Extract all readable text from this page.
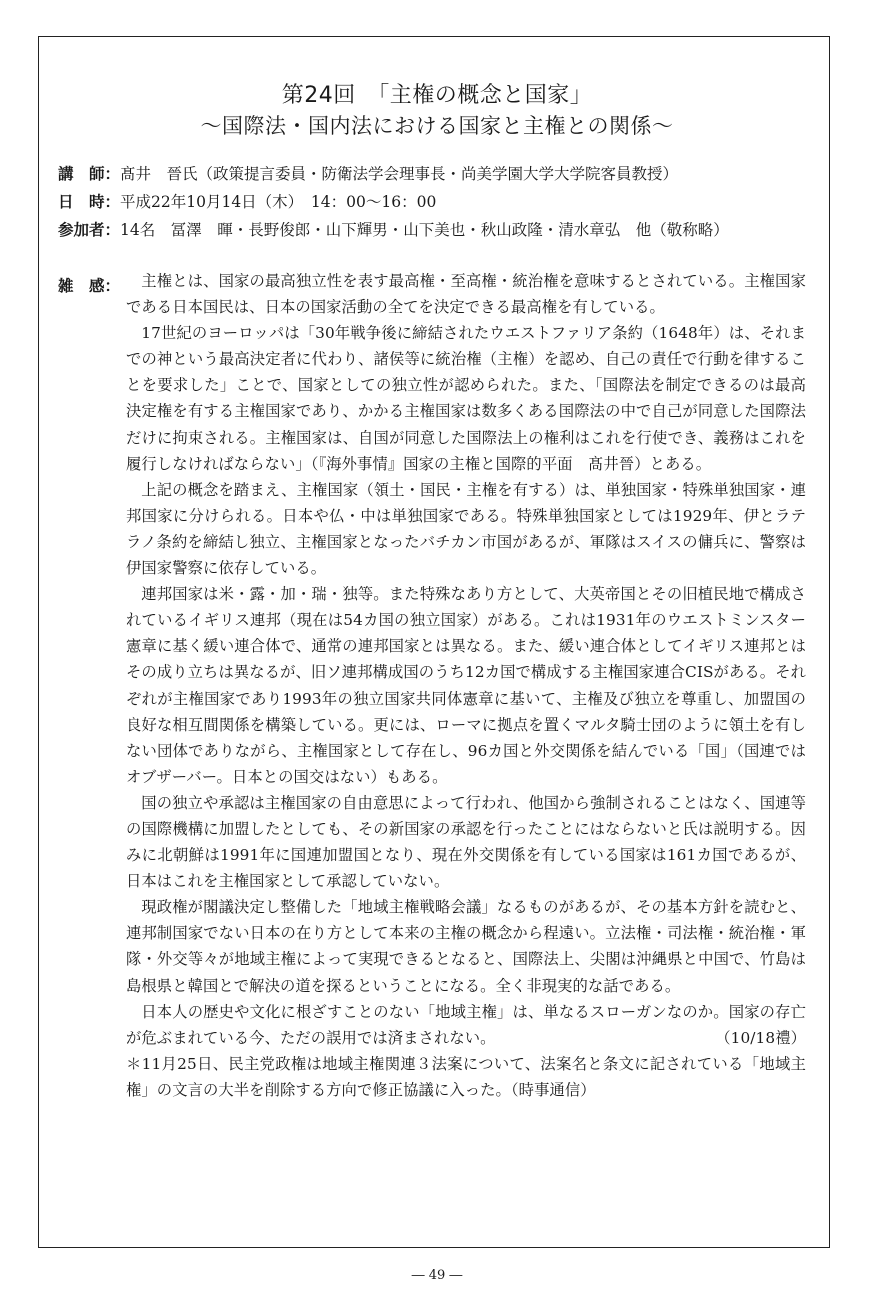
第24回　「主権の概念と国家」
～国際法・国内法における国家と主権との関係～
講　師：髙井　晉氏（政策提言委員・防衛法学会理事長・尚美学園大学大学院客員教授）
日　時：平成22年10月14日（木）　14：00～16：00
参加者：14名　冨澤　暉・長野俊郎・山下輝男・山下美也・秋山政隆・清水章弘　他（敬称略）
雑　感：	主権とは、国家の最高独立性を表す最高権・至高権・統治権を意味するとされている。主権国家である日本国民は、日本の国家活動の全てを決定できる最高権を有している。

17世紀のヨーロッパは「30年戦争後に締結されたウエストファリア条約（1648年）は、それまでの神という最高決定者に代わり、諸侯等に統治権（主権）を認め、自己の責任で行動を律することを要求した」ことで、国家としての独立性が認められた。また、「国際法を制定できるのは最高決定権を有する主権国家であり、かかる主権国家は数多くある国際法の中で自己が同意した国際法だけに拘束される。主権国家は、自国が同意した国際法上の権利はこれを行使でき、義務はこれを履行しなければならない」（『海外事情』国家の主権と国際的平面　髙井晉）とある。

上記の概念を踏まえ、主権国家（領土・国民・主権を有する）は、単独国家・特殊単独国家・連邦国家に分けられる。日本や仏・中は単独国家である。特殊単独国家としては1929年、伊とラテラノ条約を締結し独立、主権国家となったバチカン市国があるが、軍隊はスイスの傭兵に、警察は伊国家警察に依存している。

連邦国家は米・露・加・瑞・独等。また特殊なあり方として、大英帝国とその旧植民地で構成されているイギリス連邦（現在は54カ国の独立国家）がある。これは1931年のウエストミンスター憲章に基く緩い連合体で、通常の連邦国家とは異なる。また、緩い連合体としてイギリス連邦とはその成り立ちは異なるが、旧ソ連邦構成国のうち12カ国で構成する主権国家連合CISがある。それぞれが主権国家であり1993年の独立国家共同体憲章に基いて、主権及び独立を尊重し、加盟国の良好な相互間関係を構築している。更には、ローマに拠点を置くマルタ騎士団のように領土を有しない団体でありながら、主権国家として存在し、96カ国と外交関係を結んでいる「国」（国連ではオブザーバー。日本との国交はない）もある。

国の独立や承認は主権国家の自由意思によって行われ、他国から強制されることはなく、国連等の国際機構に加盟したとしても、その新国家の承認を行ったことにはならないと氏は説明する。因みに北朝鮮は1991年に国連加盟国となり、現在外交関係を有している国家は161カ国であるが、日本はこれを主権国家として承認していない。

現政権が閣議決定し整備した「地域主権戦略会議」なるものがあるが、その基本方針を読むと、連邦制国家でない日本の在り方として本来の主権の概念から程遠い。立法権・司法権・統治権・軍隊・外交等々が地域主権によって実現できるとなると、国際法上、尖閣は沖縄県と中国で、竹島は島根県と韓国とで解決の道を探るということになる。全く非現実的な話である。

日本人の歴史や文化に根ざすことのない「地域主権」は、単なるスローガンなのか。国家の存亡が危ぶまれている今、ただの誤用では済まされない。	（10/18禮）

＊11月25日、民主党政権は地域主権関連３法案について、法案名と条文に記されている「地域主権」の文言の大半を削除する方向で修正協議に入った。（時事通信）

― 49 ―
